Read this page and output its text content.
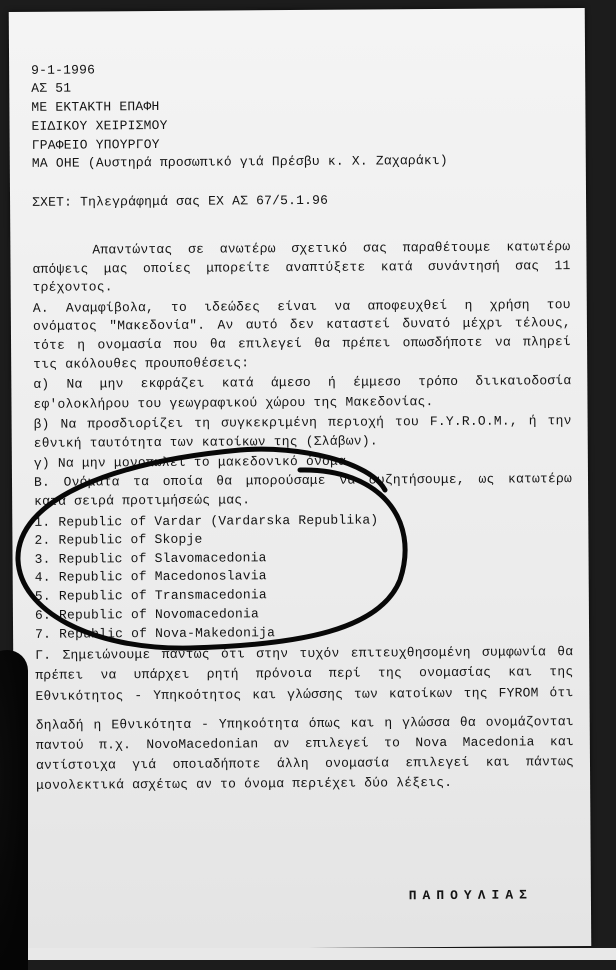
9-1-1996
ΑΣ 51
ΜΕ ΕΚΤΑΚΤΗ ΕΠΑΦΗ
ΕΙΔΙΚΟΥ ΧΕΙΡΙΣΜΟΥ
ΓΡΑΦΕΙΟ ΥΠΟΥΡΓΟΥ
ΜΑ ΟΗΕ (Αυστηρά προσωπικό γιά Πρέσβυ κ. Χ. Ζαχαράκι)
ΣΧΕΤ: Τηλεγράφημά σας ΕΧ ΑΣ 67/5.1.96
Απαντώντας σε ανωτέρω σχετικό σας παραθέτουμε κατωτέρω
απόψεις μας οποίες μπορείτε αναπτύξετε κατά συνάντησή σας 11
τρέχοντος.
Α. Αναμφίβολα, το ιδεώδες είναι να αποφευχθεί η χρήση του
ονόματος "Μακεδονία". Αν αυτό δεν καταστεί δυνατό μέχρι τέλους,
τότε η ονομασία που θα επιλεγεί θα πρέπει οπωσδήποτε να πληρεί
τις ακόλουθες προυποθέσεις:
α) Να μην εκφράζει κατά άμεσο ή έμμεσο τρόπο διικαιοδοσία
εφ'ολοκλήρου του γεωγραφικού χώρου της Μακεδονίας.
β) Να προσδιορίζει τη συγκεκριμένη περιοχή του F.Y.R.O.M., ή την
εθνική ταυτότητα των κατοίκων της (Σλάβων).
γ) Να μην μονοπωλεί το μακεδονικό όνομα.
Β. Ονόματα τα οποία θα μπορούσαμε να συζητήσουμε, ως κατωτέρω
κατά σειρά προτιμήσεώς μας.
1. Republic of Vardar (Vardarska Republika)
2. Republic of Skopje
3. Republic of Slavomacedonia
4. Republic of Macedonoslavia
5. Republic of Transmacedonia
6. Republic of Novomacedonia
7. Republic of Nova-Makedonija
Γ. Σημειώνουμε πάντως ότι στην τυχόν επιτευχθησομένη συμφωνία θα
πρέπει να υπάρχει ρητή πρόνοια περί της ονομασίας και της
Εθνικότητος - Υπηκοότητος και γλώσσης των κατοίκων της FYROM ότι
δηλαδή η Εθνικότητα - Υπηκοότητα όπως και η γλώσσα θα ονομάζονται
παντού π.χ. NovoMacedonian αν επιλεγεί το Nova Macedonia και
αντίστοιχα γιά οποιαδήποτε άλλη ονομασία επιλεγεί και πάντως
μονολεκτικά ασχέτως αν το όνομα περιέχει δύο λέξεις.
ΠΑΠΟΥΛΙΑΣ
